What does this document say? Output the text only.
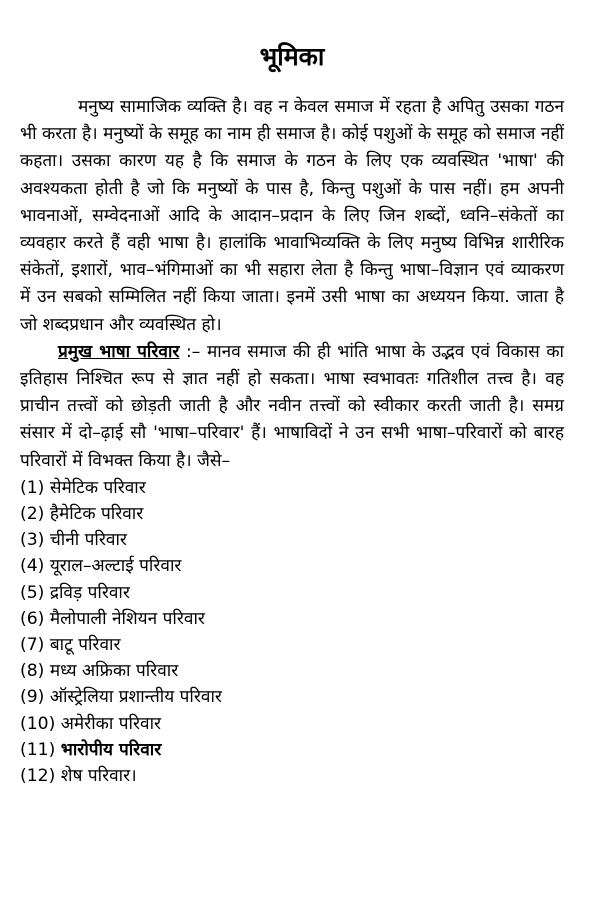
भूमिका

मनुष्य सामाजिक व्यक्ति है। वह न केवल समाज में रहता है अपितु उसका गठन भी करता है। मनुष्यों के समूह का नाम ही समाज है। कोई पशुओं के समूह को समाज नहीं कहता। उसका कारण यह है कि समाज के गठन के लिए एक व्यवस्थित 'भाषा' की अवश्यकता होती है जो कि मनुष्यों के पास है, किन्तु पशुओं के पास नहीं। हम अपनी भावनाओं, सम्वेदनाओं आदि के आदान–प्रदान के लिए जिन शब्दों, ध्वनि–संकेतों का व्यवहार करते हैं वही भाषा है। हालांकि भावाभिव्यक्ति के लिए मनुष्य विभिन्न शारीरिक संकेतों, इशारों, भाव–भंगिमाओं का भी सहारा लेता है किन्तु भाषा–विज्ञान एवं व्याकरण में उन सबको सम्मिलित नहीं किया जाता। इनमें उसी भाषा का अध्ययन किया. जाता है जो शब्दप्रधान और व्यवस्थित हो।

प्रमुख भाषा परिवार :– मानव समाज की ही भांति भाषा के उद्भव एवं विकास का इतिहास निश्चित रूप से ज्ञात नहीं हो सकता। भाषा स्वभावतः गतिशील तत्त्व है। वह प्राचीन तत्त्वों को छोड़ती जाती है और नवीन तत्त्वों को स्वीकार करती जाती है। समग्र संसार में दो–ढ़ाई सौ 'भाषा–परिवार' हैं। भाषाविदों ने उन सभी भाषा–परिवारों को बारह परिवारों में विभक्त किया है। जैसे–

(1) सेमेटिक परिवार
(2) हैमेटिक परिवार
(3) चीनी परिवार
(4) यूराल–अल्टाई परिवार
(5) द्रविड़ परिवार
(6) मैलोपाली नेशियन परिवार
(7) बाटू परिवार
(8) मध्य अफ्रिका परिवार
(9) ऑस्ट्रेलिया प्रशान्तीय परिवार
(10) अमेरीका परिवार
(11) भारोपीय परिवार
(12) शेष परिवार।
